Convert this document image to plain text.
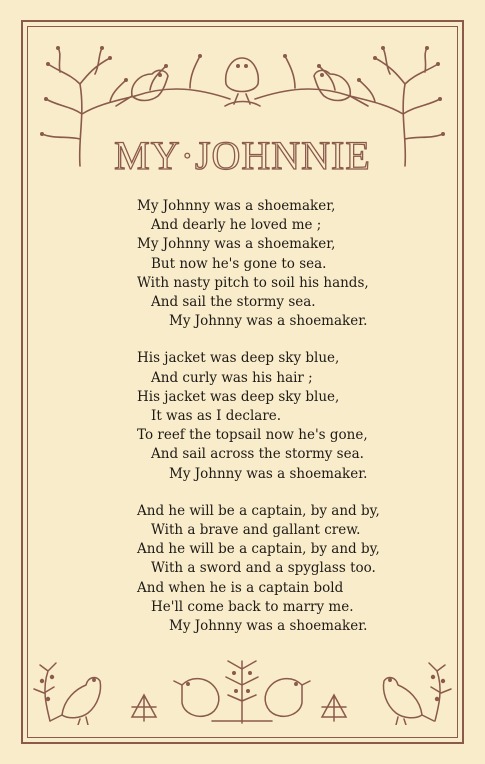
MY·JOHNNIE
My Johnny was a shoemaker,
And dearly he loved me ;
My Johnny was a shoemaker,
But now he's gone to sea.
With nasty pitch to soil his hands,
And sail the stormy sea.
My Johnny was a shoemaker.
His jacket was deep sky blue,
And curly was his hair ;
His jacket was deep sky blue,
It was as I declare.
To reef the topsail now he's gone,
And sail across the stormy sea.
My Johnny was a shoemaker.
And he will be a captain, by and by,
With a brave and gallant crew.
And he will be a captain, by and by,
With a sword and a spyglass too.
And when he is a captain bold
He'll come back to marry me.
My Johnny was a shoemaker.
